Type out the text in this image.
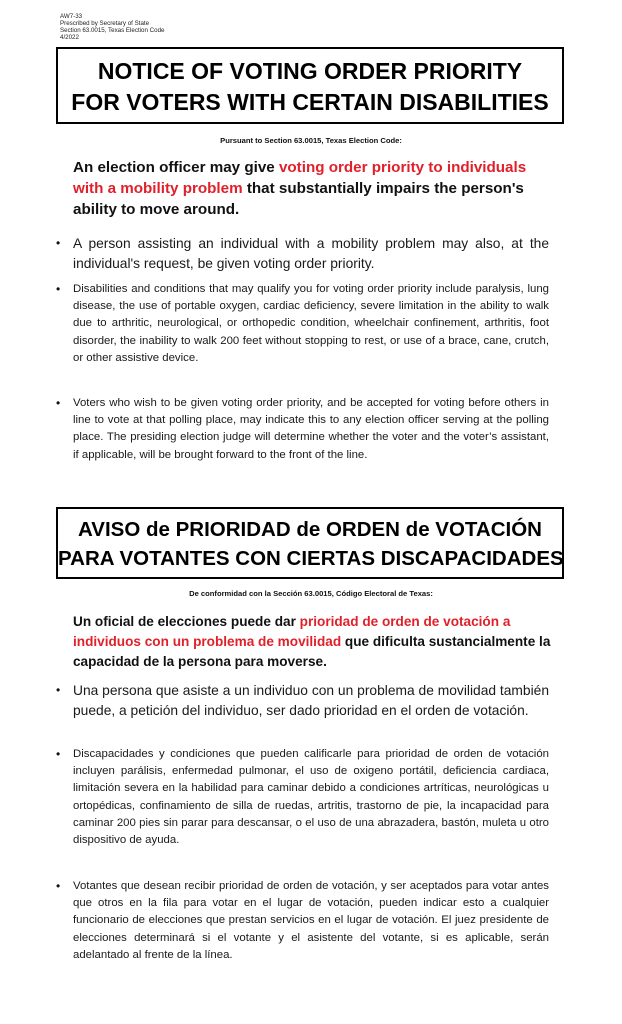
AW7-33
Prescribed by Secretary of State
Section 63.0015, Texas Election Code
4/2022
NOTICE OF VOTING ORDER PRIORITY
FOR VOTERS WITH CERTAIN DISABILITIES
Pursuant to Section 63.0015, Texas Election Code:
An election officer may give voting order priority to individuals with a mobility problem that substantially impairs the person's ability to move around.
• A person assisting an individual with a mobility problem may also, at the individual's request, be given voting order priority.
• Disabilities and conditions that may qualify you for voting order priority include paralysis, lung disease, the use of portable oxygen, cardiac deficiency, severe limitation in the ability to walk due to arthritic, neurological, or orthopedic condition, wheelchair confinement, arthritis, foot disorder, the inability to walk 200 feet without stopping to rest, or use of a brace, cane, crutch, or other assistive device.
• Voters who wish to be given voting order priority, and be accepted for voting before others in line to vote at that polling place, may indicate this to any election officer serving at the polling place. The presiding election judge will determine whether the voter and the voter’s assistant, if applicable, will be brought forward to the front of the line.
AVISO de PRIORIDAD de ORDEN de VOTACIÓN
PARA VOTANTES CON CIERTAS DISCAPACIDADES
De conformidad con la Sección 63.0015, Código Electoral de Texas:
Un oficial de elecciones puede dar prioridad de orden de votación a individuos con un problema de movilidad que dificulta sustancialmente la capacidad de la persona para moverse.
• Una persona que asiste a un individuo con un problema de movilidad también puede, a petición del individuo, ser dado prioridad en el orden de votación.
• Discapacidades y condiciones que pueden calificarle para prioridad de orden de votación incluyen parálisis, enfermedad pulmonar, el uso de oxigeno portátil, deficiencia cardiaca, limitación severa en la habilidad para caminar debido a condiciones artríticas, neurológicas u ortopédicas, confinamiento de silla de ruedas, artritis, trastorno de pie, la incapacidad para caminar 200 pies sin parar para descansar, o el uso de una abrazadera, bastón, muleta u otro dispositivo de ayuda.
• Votantes que desean recibir prioridad de orden de votación, y ser aceptados para votar antes que otros en la fila para votar en el lugar de votación, pueden indicar esto a cualquier funcionario de elecciones que prestan servicios en el lugar de votación. El juez presidente de elecciones determinará si el votante y el asistente del votante, si es aplicable, serán adelantado al frente de la línea.
